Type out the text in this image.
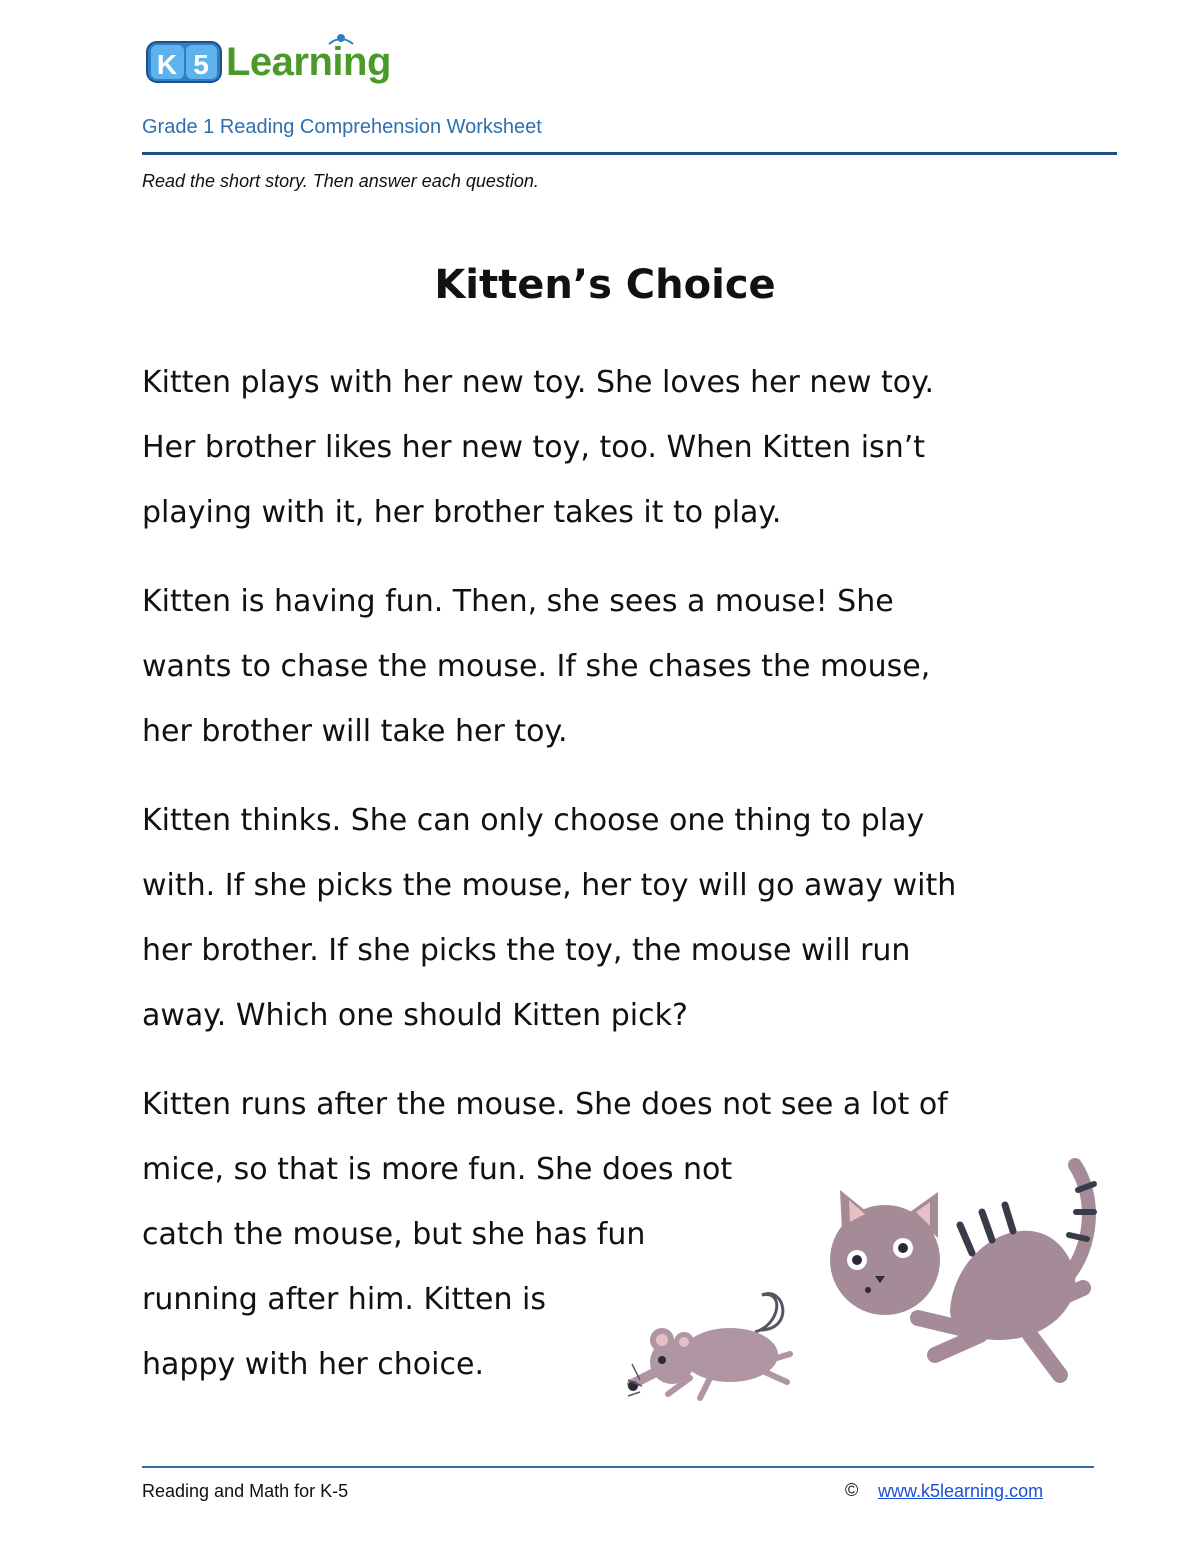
K 5 Learning
Grade 1 Reading Comprehension Worksheet
Read the short story. Then answer each question.
Kitten’s Choice
Kitten plays with her new toy. She loves her new toy.
Her brother likes her new toy, too. When Kitten isn’t
playing with it, her brother takes it to play.
Kitten is having fun. Then, she sees a mouse! She
wants to chase the mouse. If she chases the mouse,
her brother will take her toy.
Kitten thinks. She can only choose one thing to play
with. If she picks the mouse, her toy will go away with
her brother. If she picks the toy, the mouse will run
away. Which one should Kitten pick?
Kitten runs after the mouse. She does not see a lot of
mice, so that is more fun. She does not
catch the mouse, but she has fun
running after him. Kitten is
happy with her choice.
Reading and Math for K-5	© www.k5learning.com
